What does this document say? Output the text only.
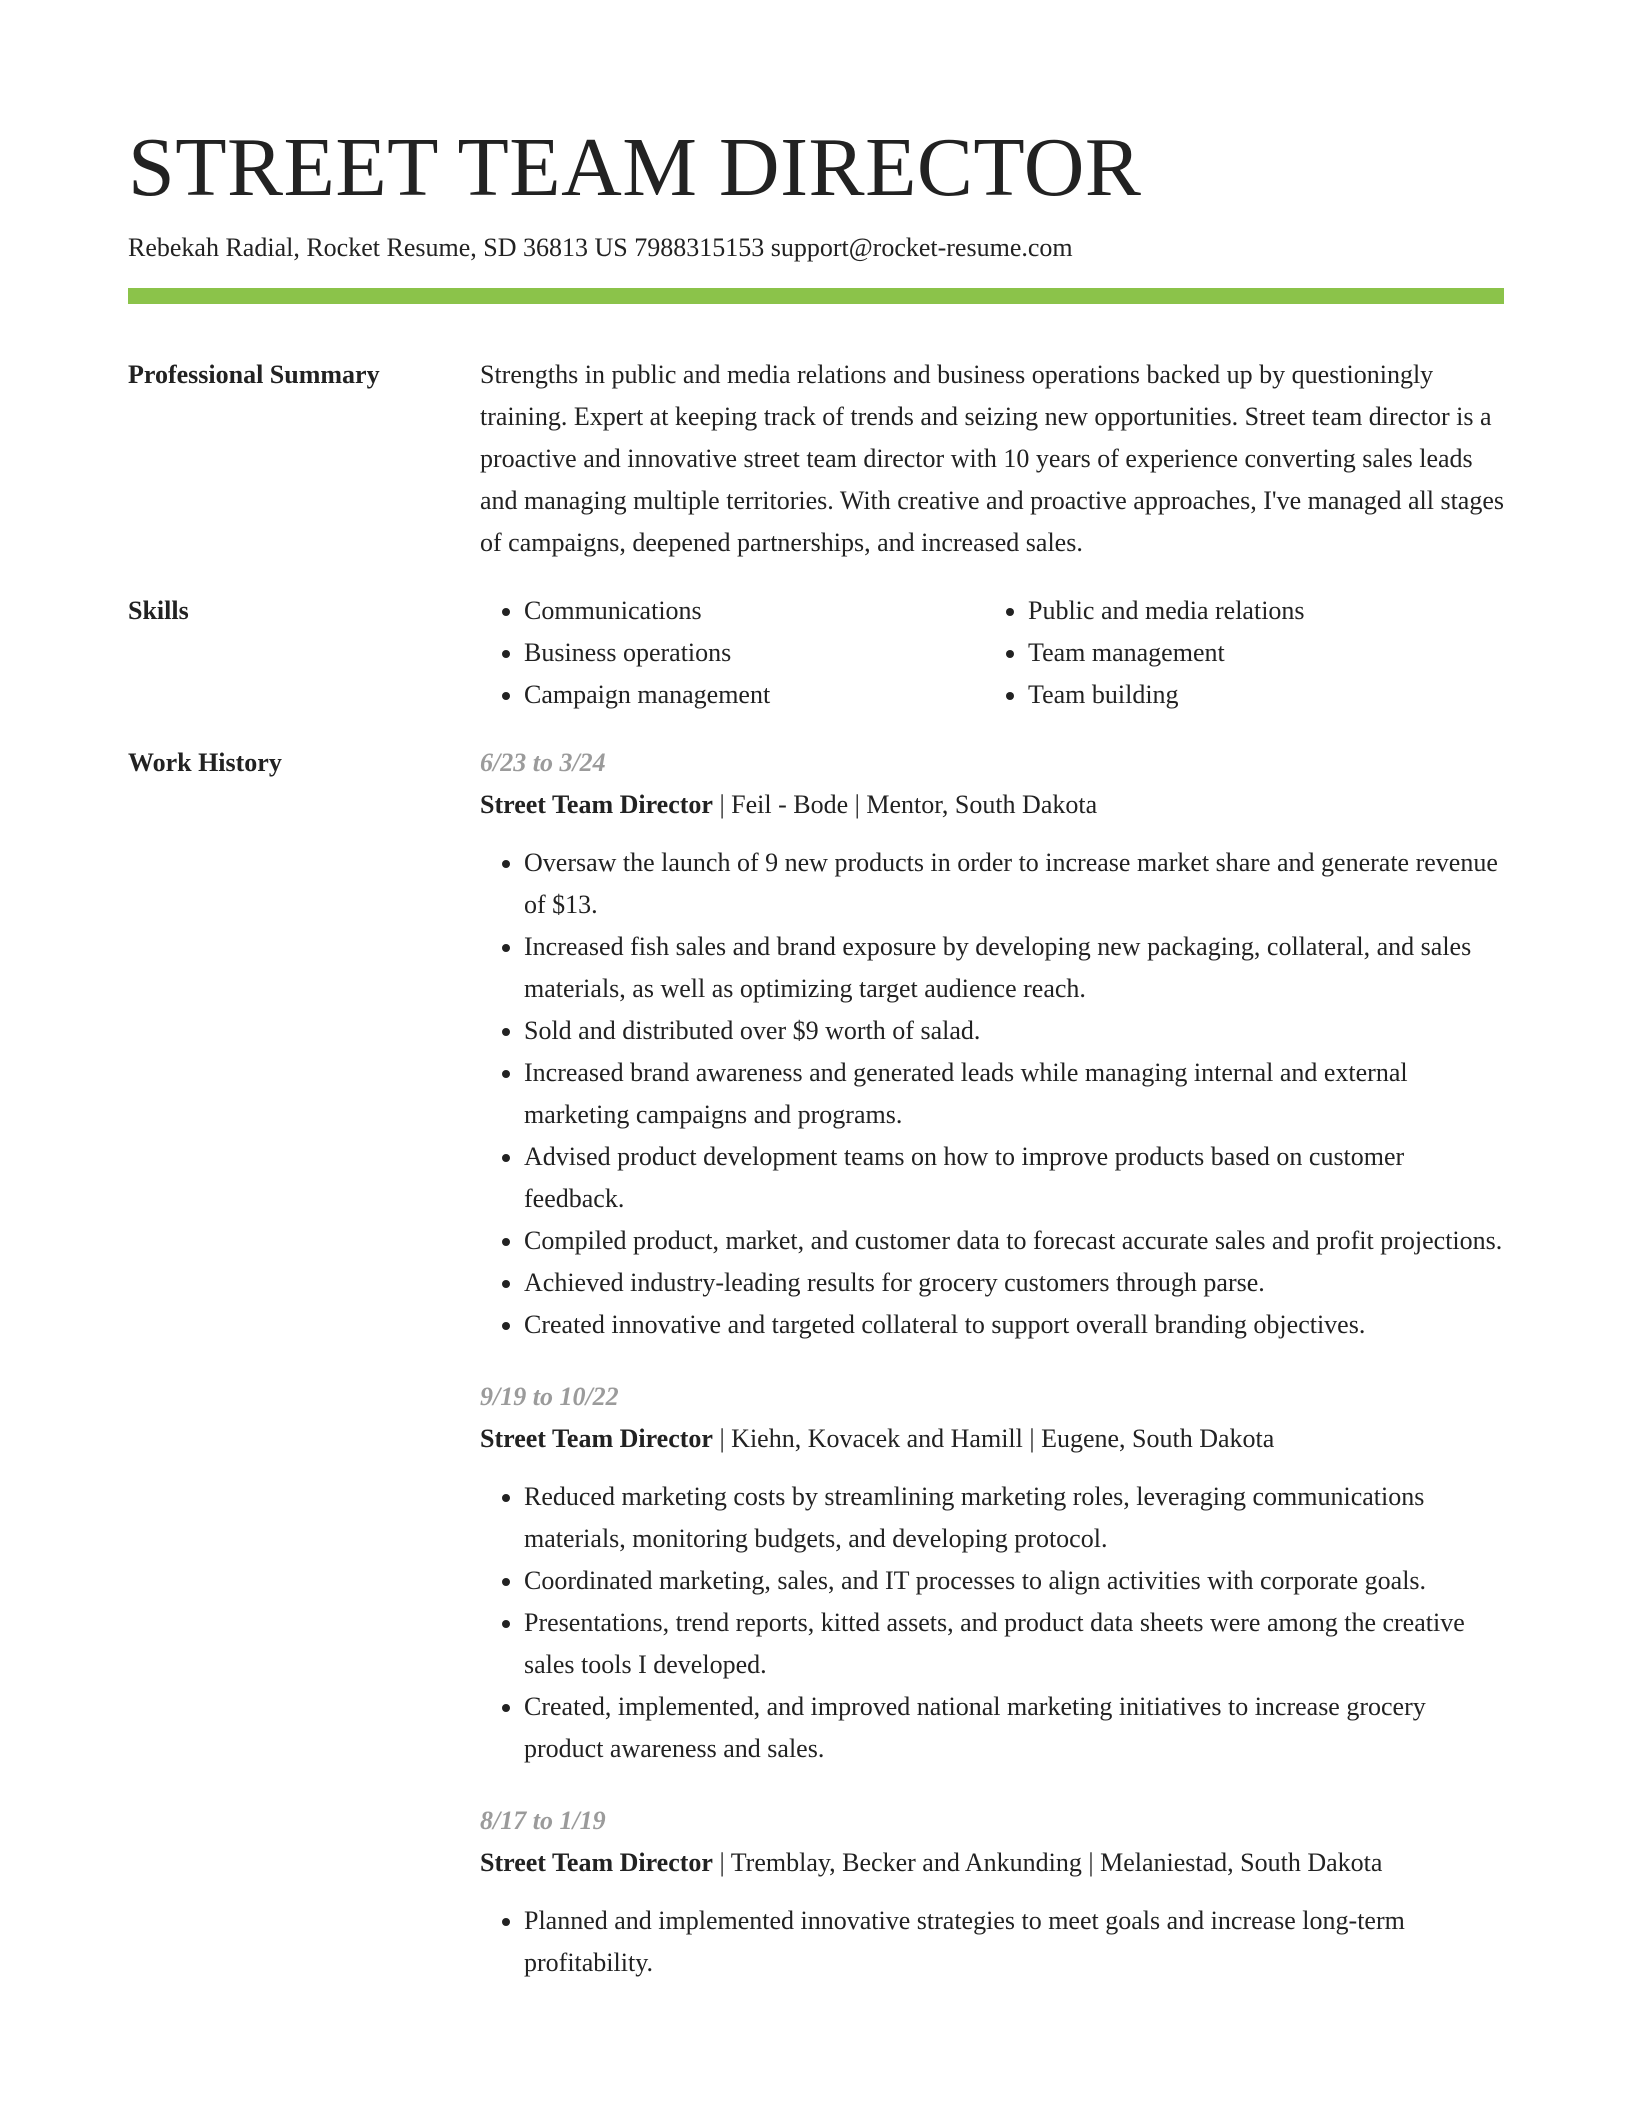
STREET TEAM DIRECTOR
Rebekah Radial, Rocket Resume, SD 36813 US 7988315153 support@rocket-resume.com
Professional Summary	Strengths in public and media relations and business operations backed up by questioningly training. Expert at keeping track of trends and seizing new opportunities. Street team director is a proactive and innovative street team director with 10 years of experience converting sales leads and managing multiple territories. With creative and proactive approaches, I've managed all stages of campaigns, deepened partnerships, and increased sales.

Skills
•	Communications
• Business operations
• Campaign management
• Public and media relations
• Team management
• Team building
Work History	6/23 to 3/24
Street Team Director | Feil - Bode | Mentor, South Dakota
• Oversaw the launch of 9 new products in order to increase market share and generate revenue of $13.
• Increased fish sales and brand exposure by developing new packaging, collateral, and sales materials, as well as optimizing target audience reach.
• Sold and distributed over $9 worth of salad.
• Increased brand awareness and generated leads while managing internal and external marketing campaigns and programs.
• Advised product development teams on how to improve products based on customer feedback.
• Compiled product, market, and customer data to forecast accurate sales and profit projections.
• Achieved industry-leading results for grocery customers through parse.
• Created innovative and targeted collateral to support overall branding objectives.
9/19 to 10/22
Street Team Director | Kiehn, Kovacek and Hamill | Eugene, South Dakota
• Reduced marketing costs by streamlining marketing roles, leveraging communications materials, monitoring budgets, and developing protocol.
• Coordinated marketing, sales, and IT processes to align activities with corporate goals.
• Presentations, trend reports, kitted assets, and product data sheets were among the creative sales tools I developed.
• Created, implemented, and improved national marketing initiatives to increase grocery product awareness and sales.
8/17 to 1/19
Street Team Director | Tremblay, Becker and Ankunding | Melaniestad, South Dakota
• Planned and implemented innovative strategies to meet goals and increase long-term profitability.
